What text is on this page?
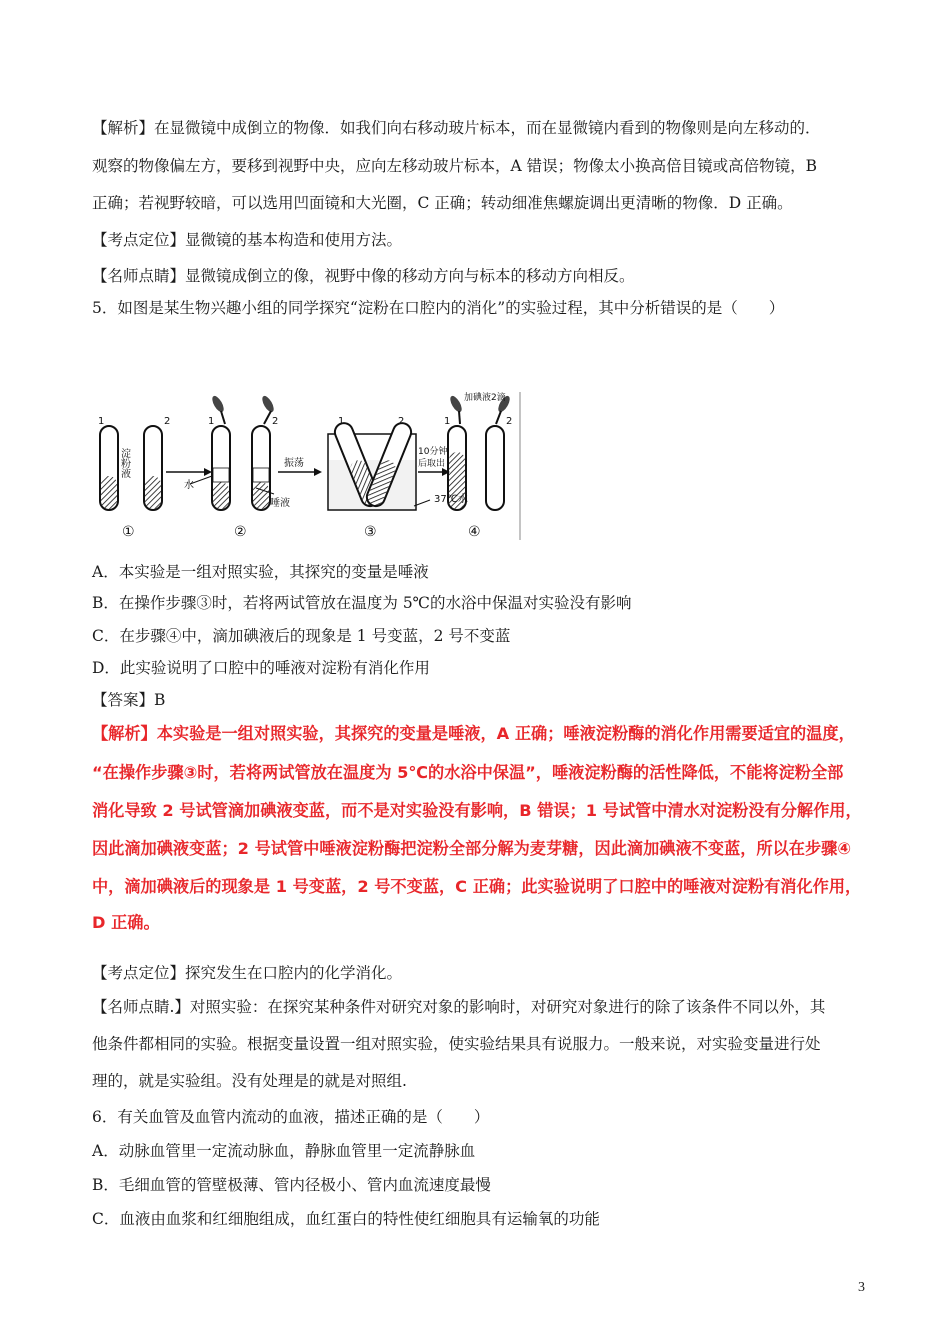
【解析】在显微镜中成倒立的物像．如我们向右移动玻片标本，而在显微镜内看到的物像则是向左移动的．
观察的物像偏左方，要移到视野中央，应向左移动玻片标本，A 错误；物像太小换高倍目镜或高倍物镜，B
正确；若视野较暗，可以选用凹面镜和大光圈，C 正确；转动细准焦螺旋调出更清晰的物像．D 正确。
【考点定位】显微镜的基本构造和使用方法。
【名师点睛】显微镜成倒立的像，视野中像的移动方向与标本的移动方向相反。
5．如图是某生物兴趣小组的同学探究“淀粉在口腔内的消化”的实验过程，其中分析错误的是（　　）
1	2
淀粉液
1	2
水
唾液
振荡
1	2
10分钟
后取出
37℃水
1	2
加碘液2滴
①	②	③	④
A．本实验是一组对照实验，其探究的变量是唾液
B．在操作步骤③时，若将两试管放在温度为 5℃的水浴中保温对实验没有影响
C．在步骤④中，滴加碘液后的现象是 1 号变蓝，2 号不变蓝
D．此实验说明了口腔中的唾液对淀粉有消化作用
【答案】B
【解析】本实验是一组对照实验，其探究的变量是唾液，A 正确；唾液淀粉酶的消化作用需要适宜的温度，
“在操作步骤③时，若将两试管放在温度为 5℃的水浴中保温”，唾液淀粉酶的活性降低，不能将淀粉全部
消化导致 2 号试管滴加碘液变蓝，而不是对实验没有影响，B 错误；1 号试管中清水对淀粉没有分解作用，
因此滴加碘液变蓝；2 号试管中唾液淀粉酶把淀粉全部分解为麦芽糖，因此滴加碘液不变蓝，所以在步骤④
中，滴加碘液后的现象是 1 号变蓝，2 号不变蓝，C 正确；此实验说明了口腔中的唾液对淀粉有消化作用，
D 正确。
【考点定位】探究发生在口腔内的化学消化。
【名师点睛.】对照实验：在探究某种条件对研究对象的影响时，对研究对象进行的除了该条件不同以外，其
他条件都相同的实验。根据变量设置一组对照实验，使实验结果具有说服力。一般来说，对实验变量进行处
理的，就是实验组。没有处理是的就是对照组.
6．有关血管及血管内流动的血液，描述正确的是（　　）
A．动脉血管里一定流动脉血，静脉血管里一定流静脉血
B．毛细血管的管壁极薄、管内径极小、管内血流速度最慢
C．血液由血浆和红细胞组成，血红蛋白的特性使红细胞具有运输氧的功能
3
